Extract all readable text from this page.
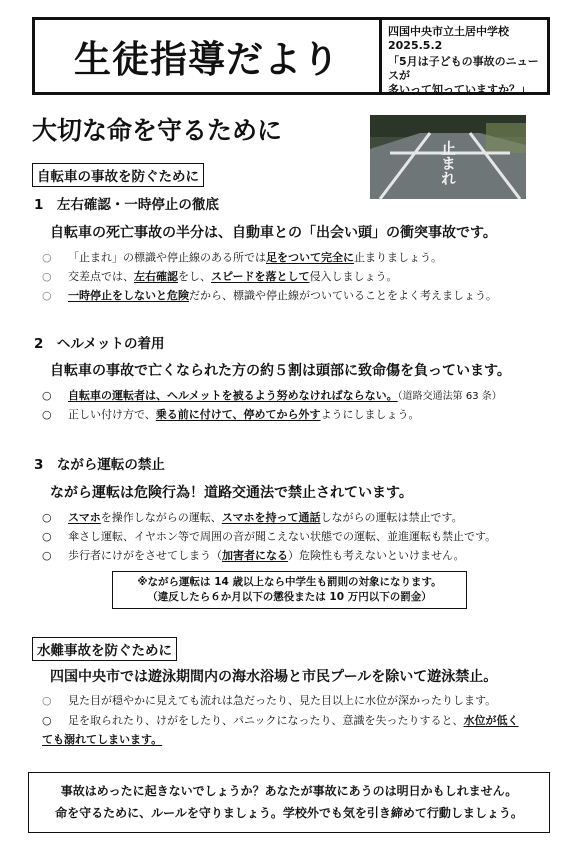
生徒指導だより
四国中央市立土居中学校
2025.5.2
「5月は子どもの事故のニュースが
多いって知っていますか？」
大切な命を守るために
止まれ
自転車の事故を防ぐために
1　左右確認・一時停止の徹底
自転車の死亡事故の半分は、自動車との「出会い頭」の衝突事故です。
○ 「止まれ」の標識や停止線のある所では足をついて完全に止まりましょう。
○ 交差点では、左右確認をし、スピードを落として侵入しましょう。
○ 一時停止をしないと危険だから、標識や停止線がついていることをよく考えましょう。
2　ヘルメットの着用
自転車の事故で亡くなられた方の約５割は頭部に致命傷を負っています。
○ 自転車の運転者は、ヘルメットを被るよう努めなければならない。（道路交通法第 63 条）
○ 正しい付け方で、乗る前に付けて、停めてから外すようにしましょう。
3　ながら運転の禁止
ながら運転は危険行為！道路交通法で禁止されています。
○ スマホを操作しながらの運転、スマホを持って通話しながらの運転は禁止です。
○ 傘さし運転、イヤホン等で周囲の音が聞こえない状態での運転、並進運転も禁止です。
○ 歩行者にけがをさせてしまう（加害者になる）危険性も考えないといけません。
※ながら運転は 14 歳以上なら中学生も罰則の対象になります。
（違反したら６か月以下の懲役または 10 万円以下の罰金）
水難事故を防ぐために
四国中央市では遊泳期間内の海水浴場と市民プールを除いて遊泳禁止。
○ 見た目が穏やかに見えても流れは急だったり、見た目以上に水位が深かったりします。
○ 足を取られたり、けがをしたり、パニックになったり、意識を失ったりすると、水位が低く
ても溺れてしまいます。
事故はめったに起きないでしょうか？あなたが事故にあうのは明日かもしれません。
命を守るために、ルールを守りましょう。学校外でも気を引き締めて行動しましょう。
